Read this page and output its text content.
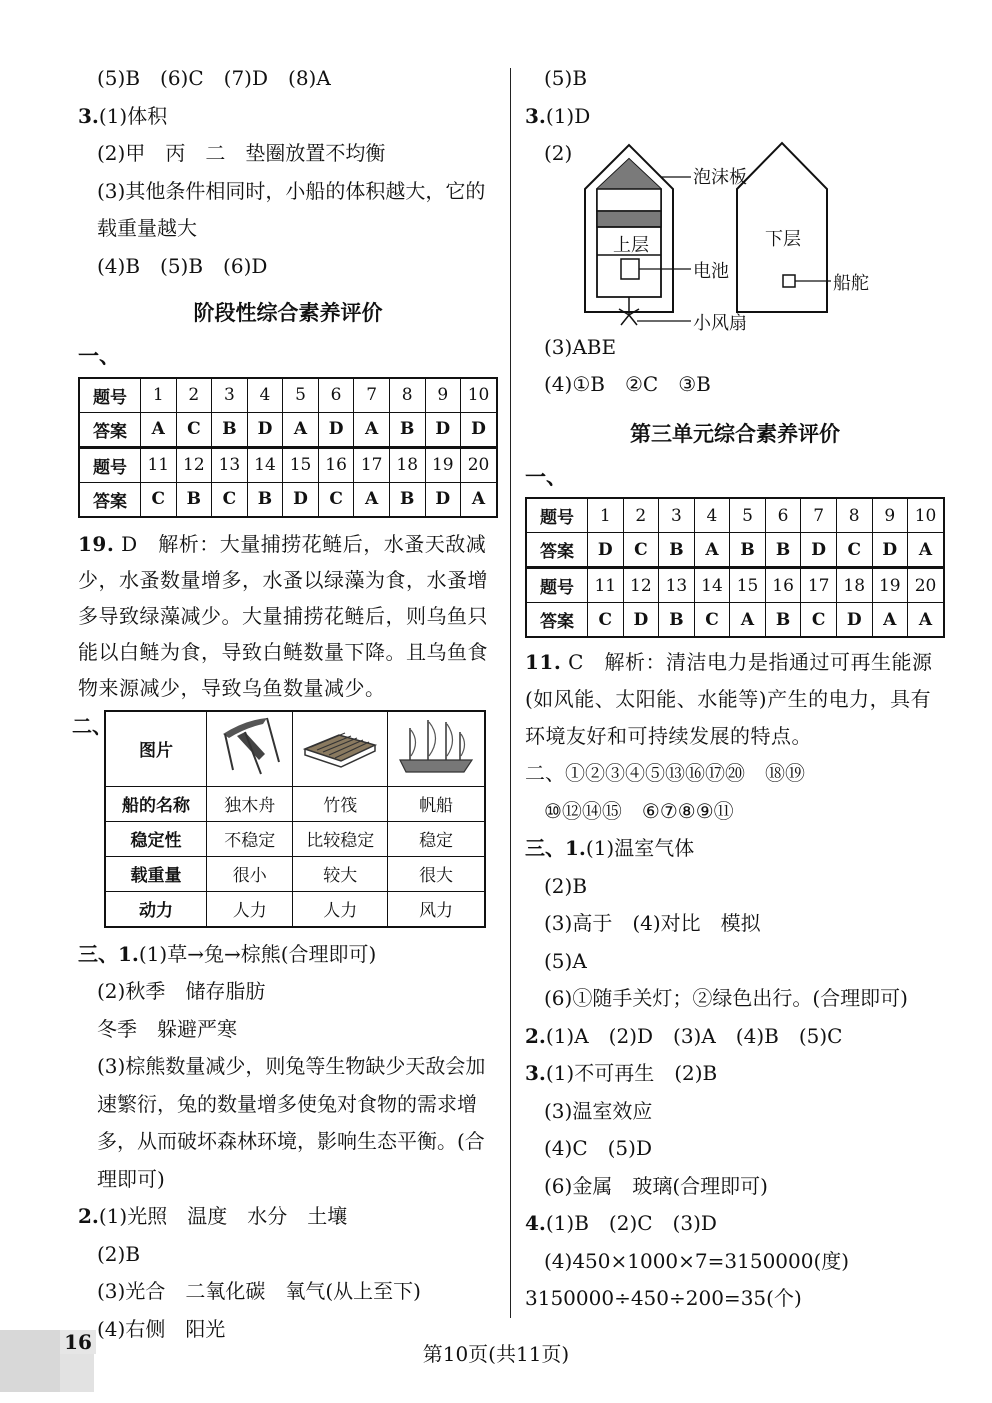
(5)B　(6)C　(7)D　(8)A
3.(1)体积
(2)甲　丙　二　垫圈放置不均衡
(3)其他条件相同时，小船的体积越大，它的载重量越大
(4)B　(5)B　(6)D
阶段性综合素养评价
一、
题号	1	2	3	4	5	6	7	8	9	10
答案	A	C	B	D	A	D	A	B	D	D
题号	11	12	13	14	15	16	17	18	19	20
答案	C	B	C	B	D	C	A	B	D	A
19. D　解析：大量捕捞花鲢后，水蚤天敌减少，水蚤数量增多，水蚤以绿藻为食，水蚤增多导致绿藻减少。大量捕捞花鲢后，则乌鱼只能以白鲢为食，导致白鲢数量下降。且乌鱼食物来源减少，导致乌鱼数量减少。
二、
图片			
船的名称	独木舟	竹筏	帆船
稳定性	不稳定	比较稳定	稳定
载重量	很小	较大	很大
动力	人力	人力	风力
三、1.(1)草→兔→棕熊(合理即可)
(2)秋季　储存脂肪
冬季　躲避严寒
(3)棕熊数量减少，则兔等生物缺少天敌会加速繁衍，兔的数量增多使兔对食物的需求增多，从而破坏森林环境，影响生态平衡。(合理即可)
2.(1)光照　温度　水分　土壤
(2)B
(3)光合　二氧化碳　氧气(从上至下)
(4)右侧　阳光
(5)B
3.(1)D
(2)
泡沫板
上层
电池
小风扇
下层
船舵
(3)ABE
(4)①B　②C　③B
第三单元综合素养评价
一、
题号	1	2	3	4	5	6	7	8	9	10
答案	D	C	B	A	B	B	D	C	D	A
题号	11	12	13	14	15	16	17	18	19	20
答案	C	D	B	C	A	B	C	D	A	A
11. C　解析：清洁电力是指通过可再生能源(如风能、太阳能、水能等)产生的电力，具有环境友好和可持续发展的特点。
二、①②③④⑤⑬⑯⑰⑳　⑱⑲
⑩⑫⑭⑮　⑥⑦⑧⑨⑪
三、1.(1)温室气体
(2)B
(3)高于　(4)对比　模拟
(5)A
(6)①随手关灯；②绿色出行。(合理即可)
2.(1)A　(2)D　(3)A　(4)B　(5)C
3.(1)不可再生　(2)B
(3)温室效应
(4)C　(5)D
(6)金属　玻璃(合理即可)
4.(1)B　(2)C　(3)D
(4)450×1000×7=3150000(度)
3150000÷450÷200=35(个)
16	第10页(共11页)
